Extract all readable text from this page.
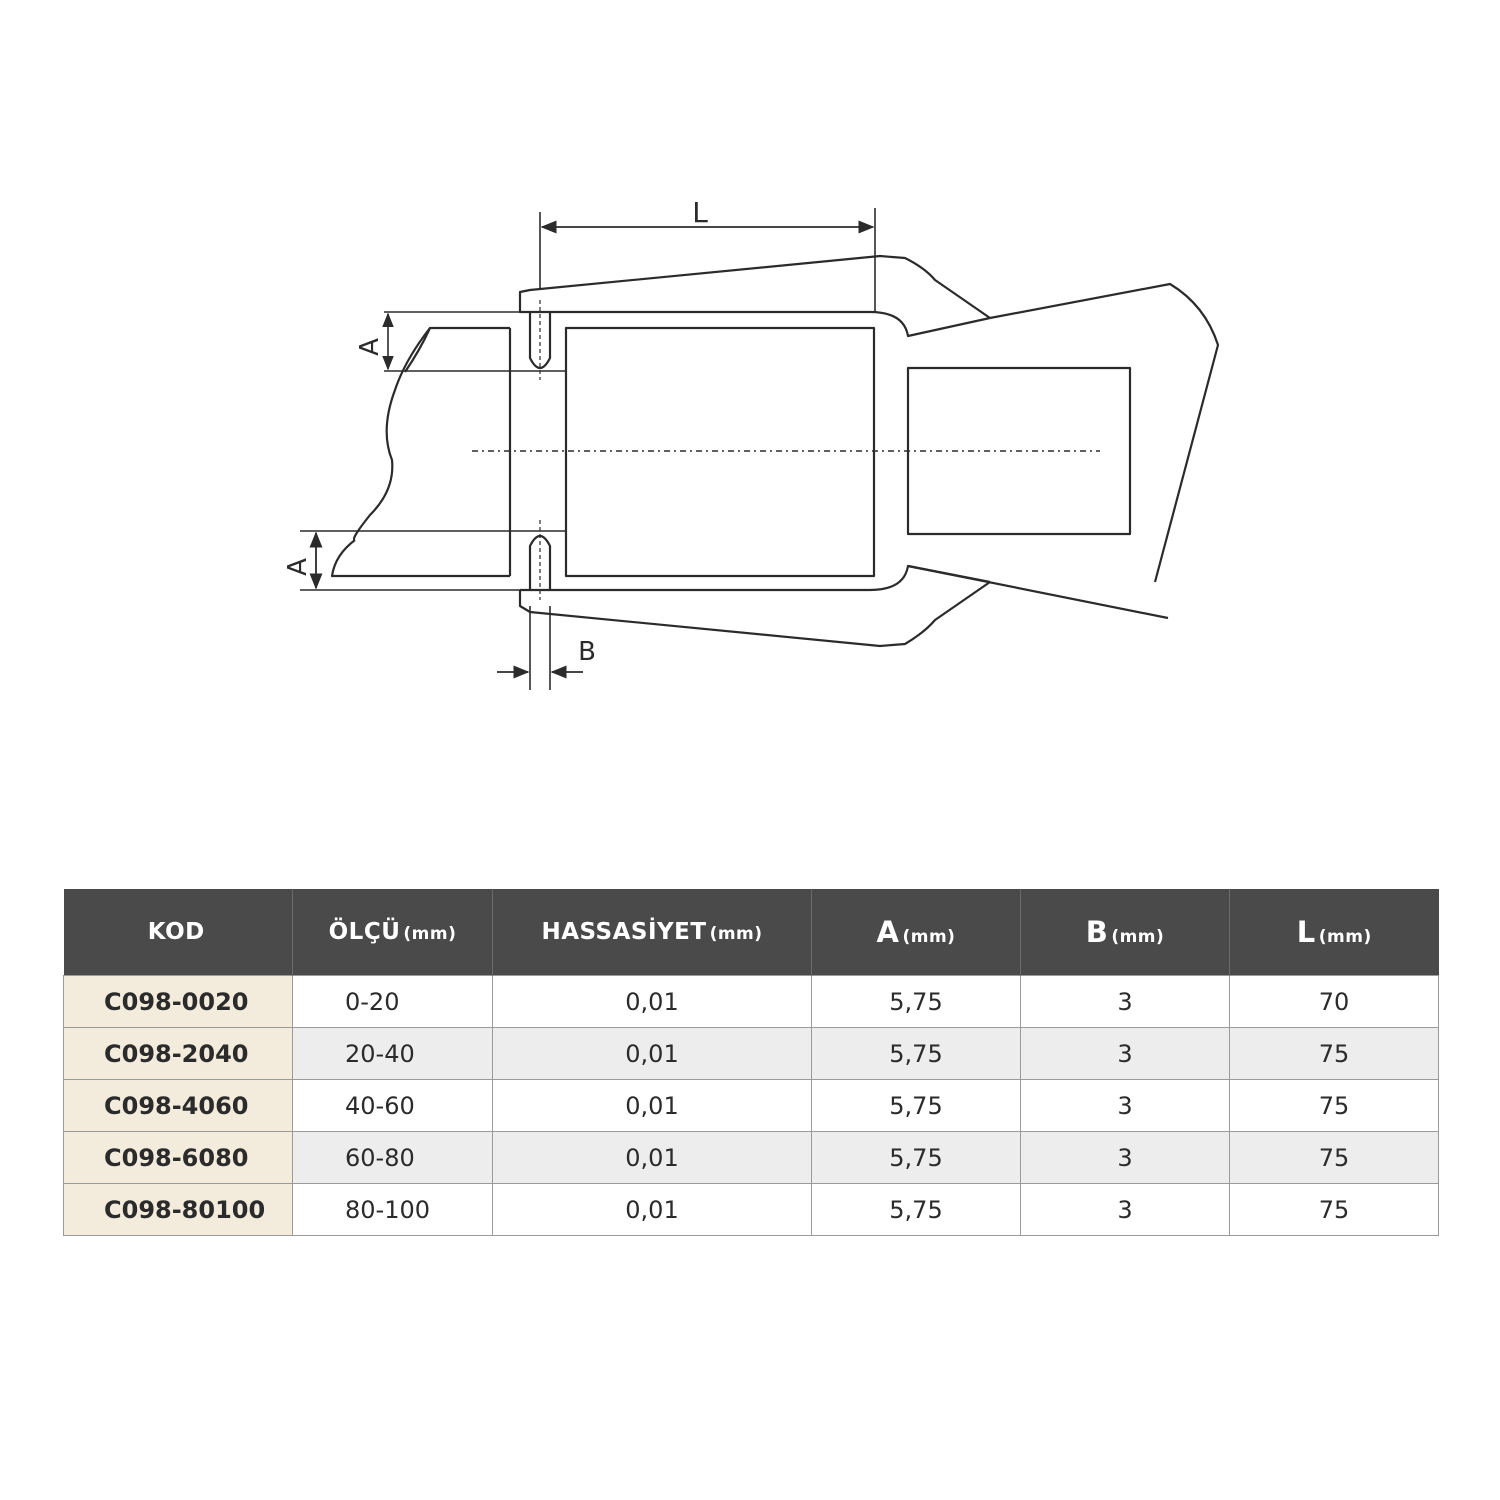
L
A
A
B
KOD	ÖLÇÜ (mm)	HASSASİYET (mm)	A (mm)	B (mm)	L (mm)
C098-0020	0-20	0,01	5,75	3	70
C098-2040	20-40	0,01	5,75	3	75
C098-4060	40-60	0,01	5,75	3	75
C098-6080	60-80	0,01	5,75	3	75
C098-80100	80-100	0,01	5,75	3	75
